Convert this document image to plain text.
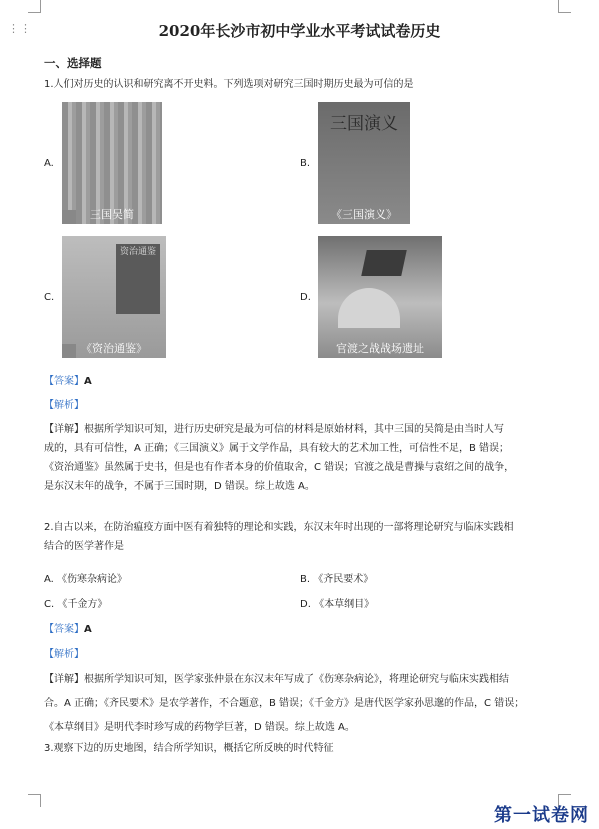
⋮⋮	2020年长沙市初中学业水平考试试卷历史
一、选择题
1.人们对历史的认识和研究离不开史料。下列选项对研究三国时期历史最为可信的是
A.
三国吴简
B.
三国演义
《三国演义》
C.
资治通鉴
《资治通鉴》
D.
官渡之战战场遗址
【答案】A
【解析】
【详解】根据所学知识可知，进行历史研究是最为可信的材料是原始材料，其中三国的吴简是由当时人写
成的，具有可信性，A 正确；《三国演义》属于文学作品，具有较大的艺术加工性，可信性不足，B 错误；
《资治通鉴》虽然属于史书，但是也有作者本身的价值取舍，C 错误；官渡之战是曹操与袁绍之间的战争，
是东汉末年的战争，不属于三国时期，D 错误。综上故选 A。
2.自古以来，在防治瘟疫方面中医有着独特的理论和实践，东汉末年时出现的一部将理论研究与临床实践相
结合的医学著作是
A. 《伤寒杂病论》	B. 《齐民要术》
C. 《千金方》	D. 《本草纲目》
【答案】A
【解析】
【详解】根据所学知识可知，医学家张仲景在东汉末年写成了《伤寒杂病论》，将理论研究与临床实践相结
合。A 正确；《齐民要术》是农学著作，不合题意，B 错误；《千金方》是唐代医学家孙思邈的作品，C 错误；
《本草纲目》是明代李时珍写成的药物学巨著，D 错误。综上故选 A。
3.观察下边的历史地图，结合所学知识，概括它所反映的时代特征
第一试卷网
